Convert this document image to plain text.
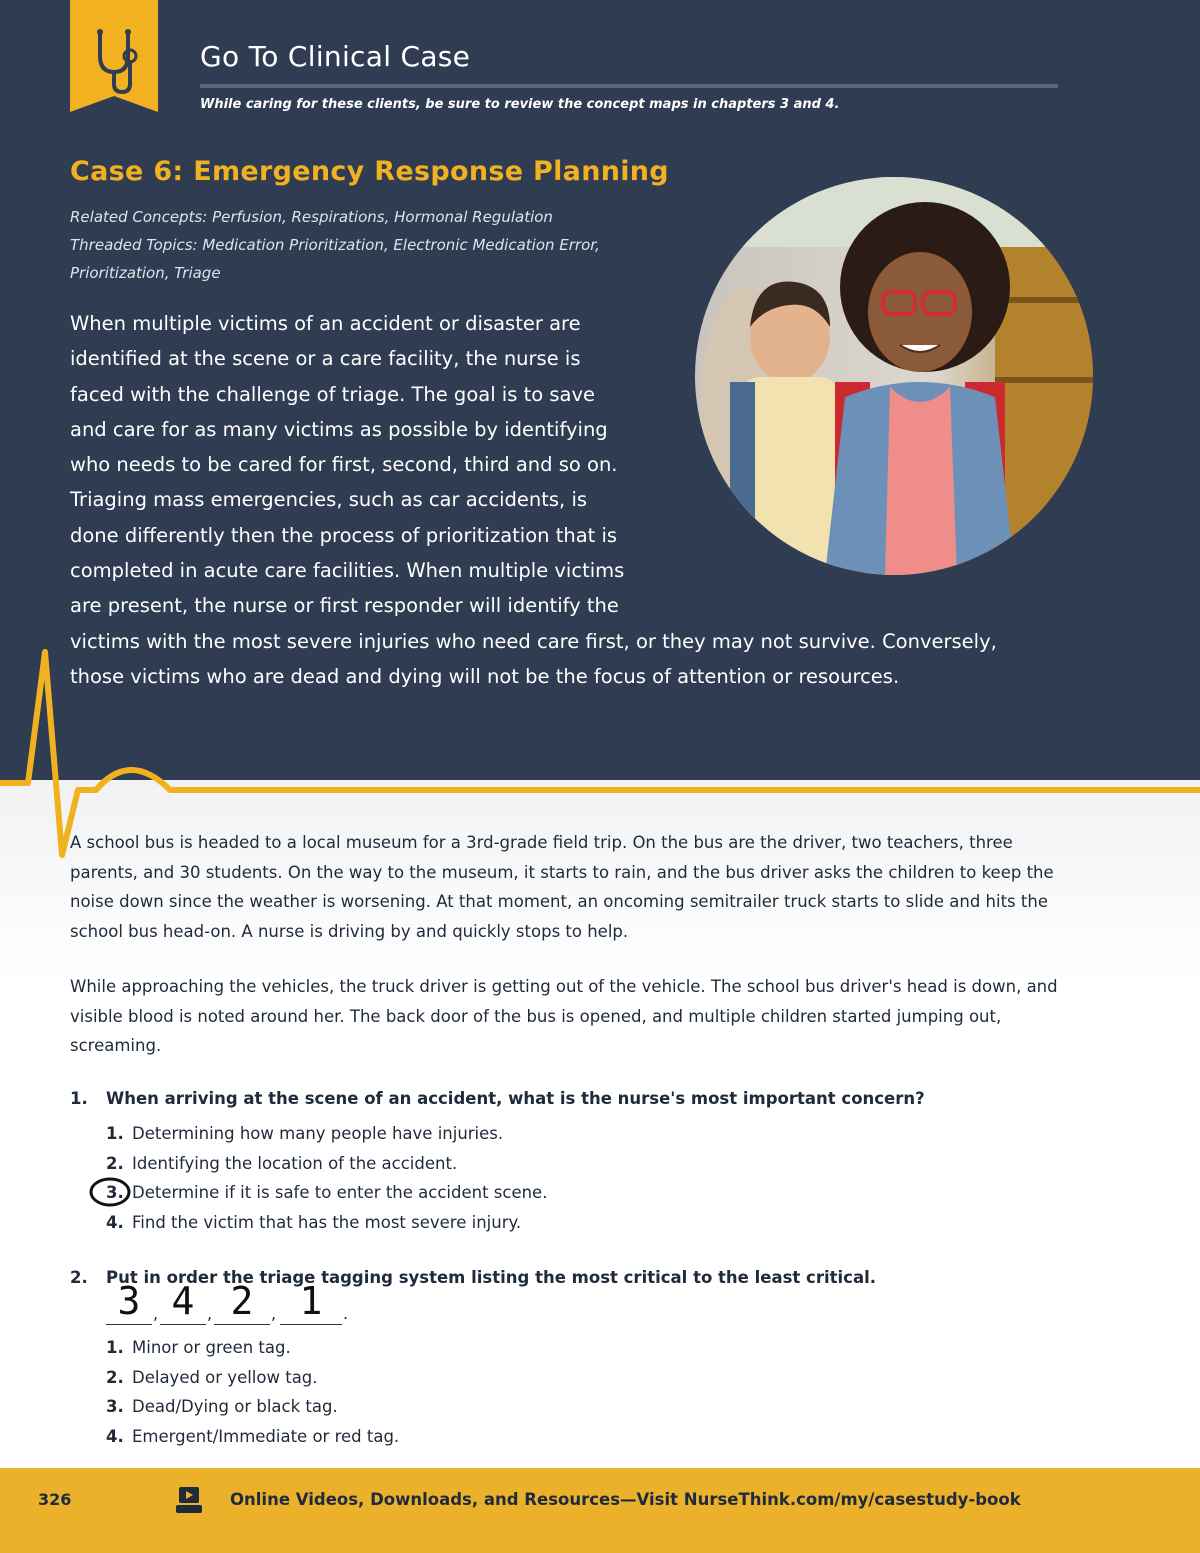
Go To Clinical Case
While caring for these clients, be sure to review the concept maps in chapters 3 and 4.
Case 6: Emergency Response Planning
Related Concepts: Perfusion, Respirations, Hormonal Regulation
Threaded Topics: Medication Prioritization, Electronic Medication Error,
Prioritization, Triage
When multiple victims of an accident or disaster are
identified at the scene or a care facility, the nurse is
faced with the challenge of triage. The goal is to save
and care for as many victims as possible by identifying
who needs to be cared for first, second, third and so on.
Triaging mass emergencies, such as car accidents, is
done differently then the process of prioritization that is
completed in acute care facilities. When multiple victims
are present, the nurse or first responder will identify the
victims with the most severe injuries who need care first, or they may not survive. Conversely,
those victims who are dead and dying will not be the focus of attention or resources.
A school bus is headed to a local museum for a 3rd-grade field trip. On the bus are the driver, two teachers, three parents, and 30 students. On the way to the museum, it starts to rain, and the bus driver asks the children to keep the noise down since the weather is worsening. At that moment, an oncoming semitrailer truck starts to slide and hits the school bus head-on. A nurse is driving by and quickly stops to help.
While approaching the vehicles, the truck driver is getting out of the vehicle. The school bus driver's head is down, and visible blood is noted around her. The back door of the bus is opened, and multiple children started jumping out, screaming.
1. When arriving at the scene of an accident, what is the nurse's most important concern?
1. Determining how many people have injuries.
2. Identifying the location of the accident.
3. Determine if it is safe to enter the accident scene.
4. Find the victim that has the most severe injury.
2. Put in order the triage tagging system listing the most critical to the least critical.
3 , 4 , 2	, 1	.
1. Minor or green tag.
2. Delayed or yellow tag.
3. Dead/Dying or black tag.
4. Emergent/Immediate or red tag.
326	Online Videos, Downloads, and Resources—Visit NurseThink.com/my/casestudy-book
